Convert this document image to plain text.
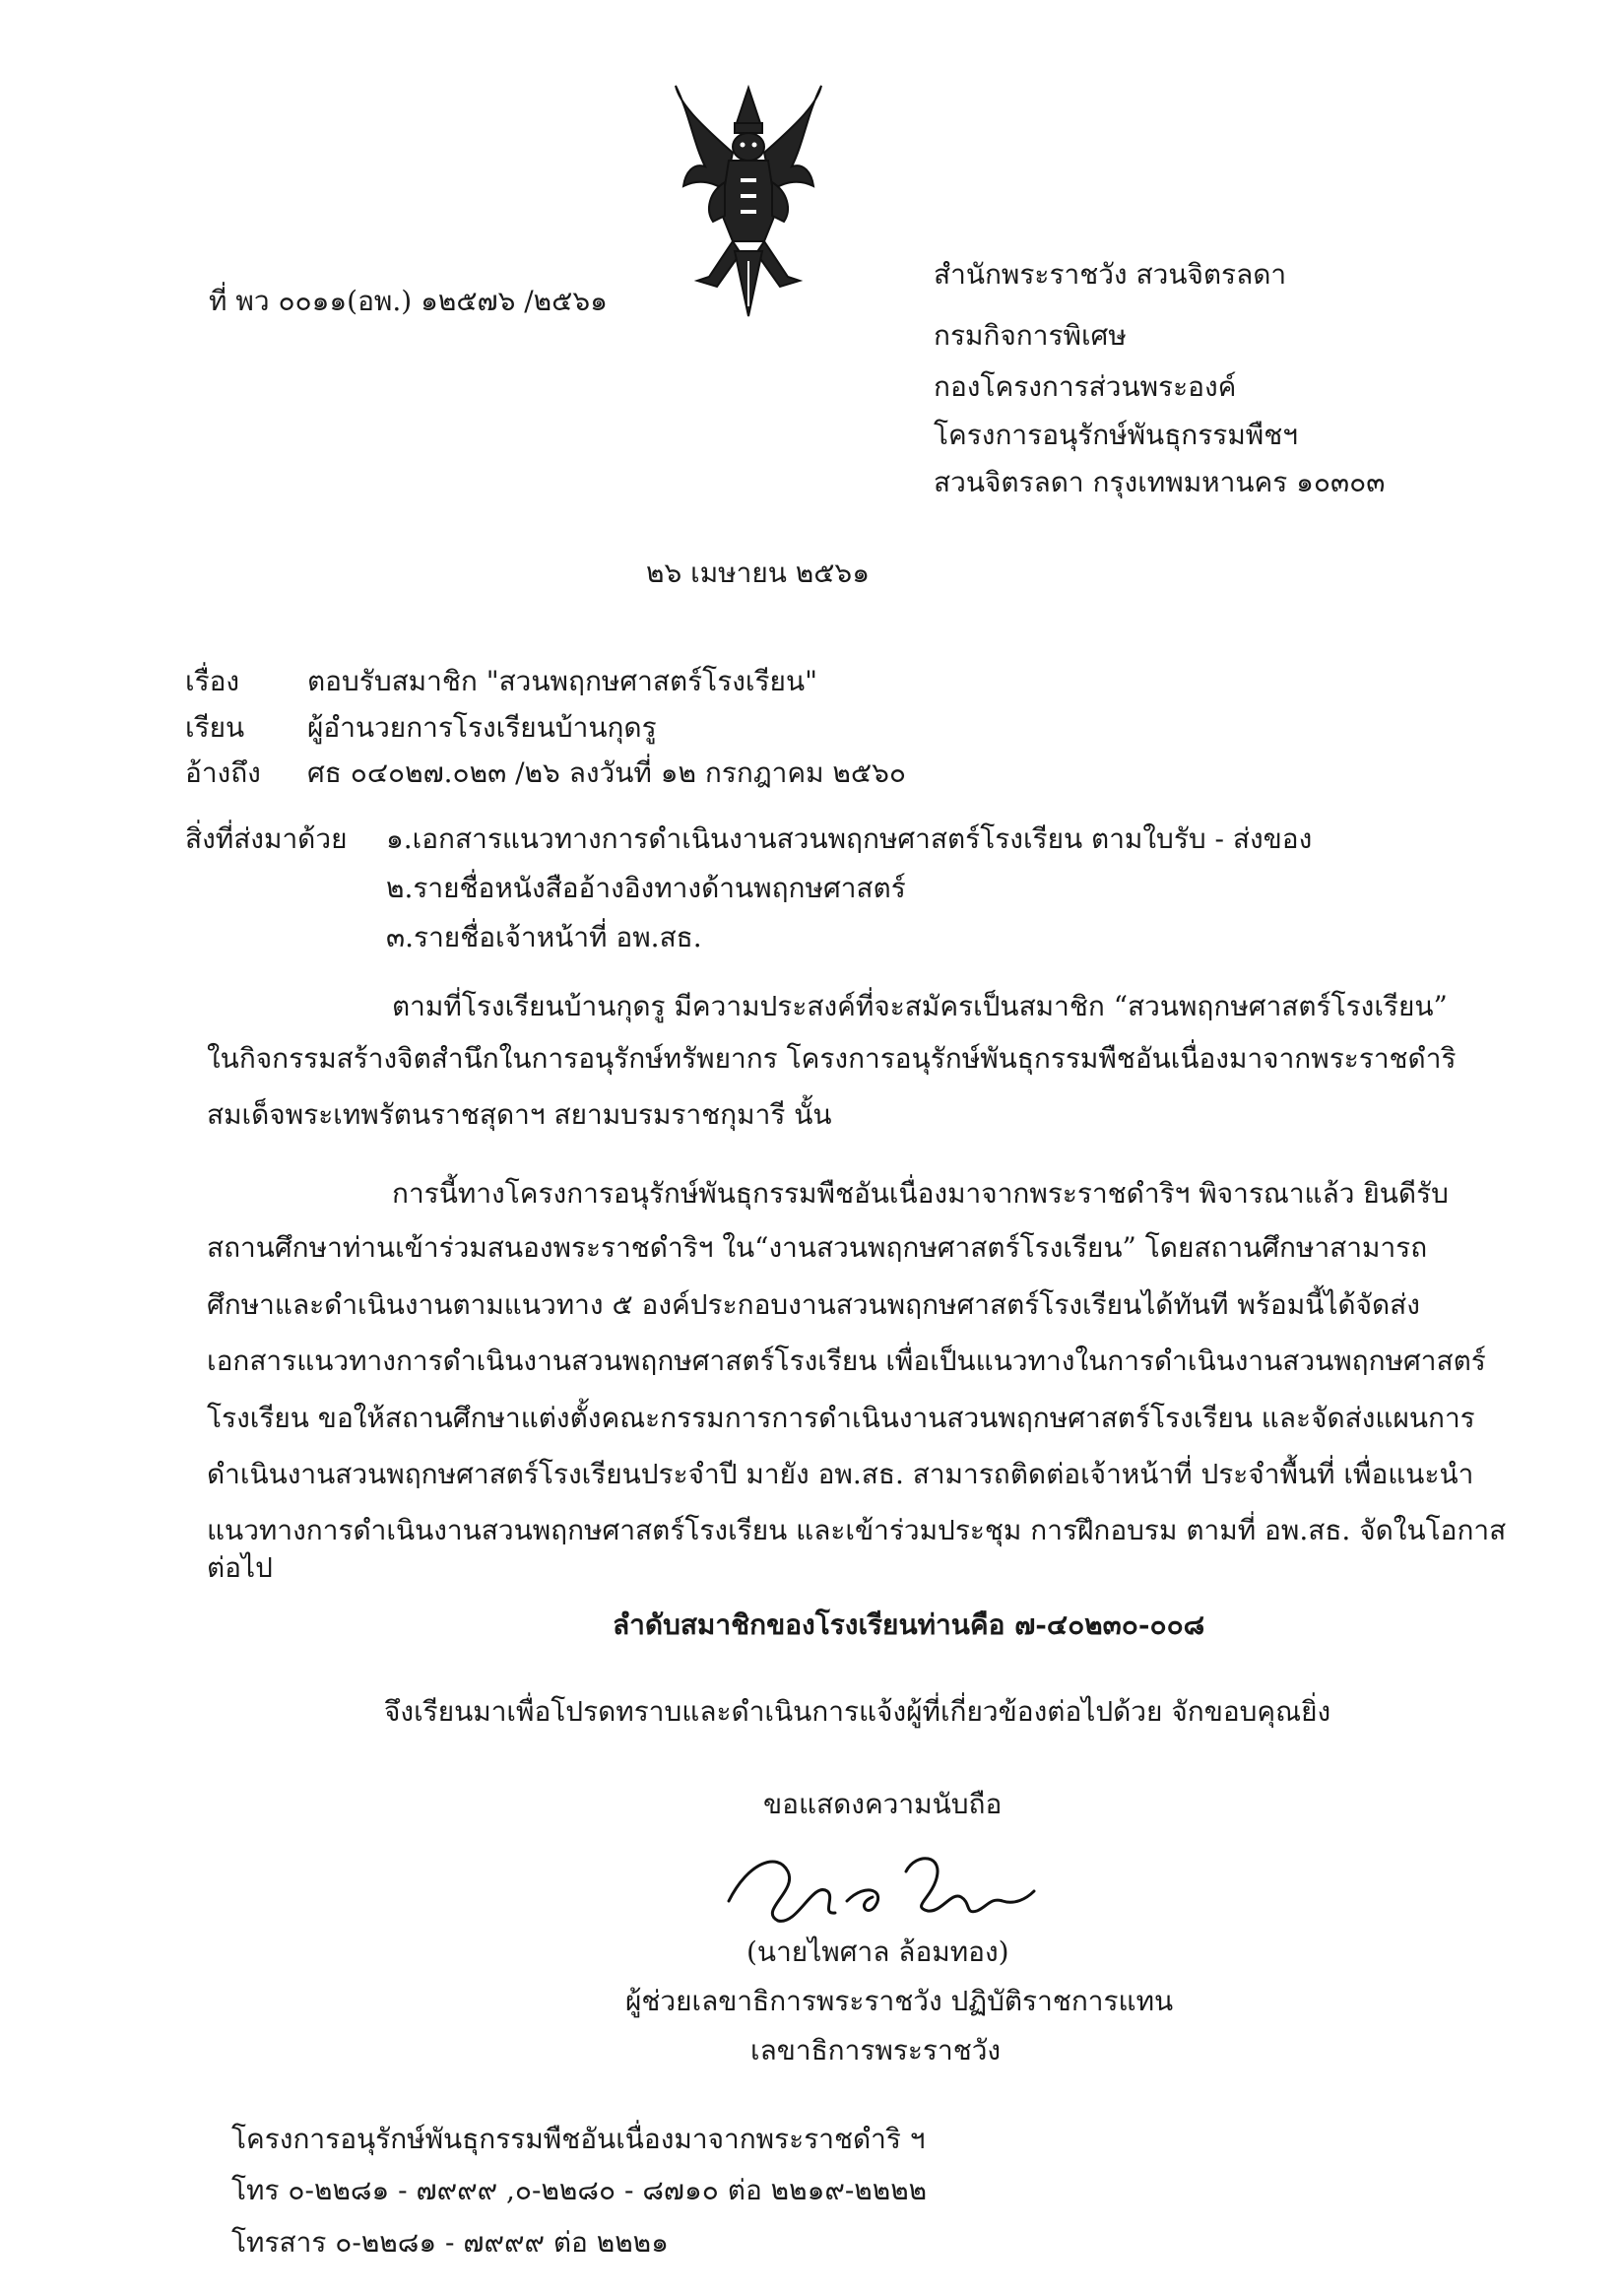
ที่ พว ๐๐๑๑(อพ.) ๑๒๕๗๖ /๒๕๖๑
สำนักพระราชวัง สวนจิตรลดา
กรมกิจการพิเศษ
กองโครงการส่วนพระองค์
โครงการอนุรักษ์พันธุกรรมพืชฯ
สวนจิตรลดา กรุงเทพมหานคร ๑๐๓๐๓
๒๖ เมษายน ๒๕๖๑
เรื่อง ตอบรับสมาชิก "สวนพฤกษศาสตร์โรงเรียน"
เรียน ผู้อำนวยการโรงเรียนบ้านกุดรู
อ้างถึง ศธ ๐๔๐๒๗.๐๒๓ /๒๖ ลงวันที่ ๑๒ กรกฎาคม ๒๕๖๐
สิ่งที่ส่งมาด้วย ๑.เอกสารแนวทางการดำเนินงานสวนพฤกษศาสตร์โรงเรียน ตามใบรับ - ส่งของ
๒.รายชื่อหนังสืออ้างอิงทางด้านพฤกษศาสตร์
๓.รายชื่อเจ้าหน้าที่ อพ.สธ.
ตามที่โรงเรียนบ้านกุดรู มีความประสงค์ที่จะสมัครเป็นสมาชิก “สวนพฤกษศาสตร์โรงเรียน”
ในกิจกรรมสร้างจิตสำนึกในการอนุรักษ์ทรัพยากร โครงการอนุรักษ์พันธุกรรมพืชอันเนื่องมาจากพระราชดำริ
สมเด็จพระเทพรัตนราชสุดาฯ สยามบรมราชกุมารี นั้น
การนี้ทางโครงการอนุรักษ์พันธุกรรมพืชอันเนื่องมาจากพระราชดำริฯ พิจารณาแล้ว ยินดีรับ
สถานศึกษาท่านเข้าร่วมสนองพระราชดำริฯ ใน“งานสวนพฤกษศาสตร์โรงเรียน” โดยสถานศึกษาสามารถ
ศึกษาและดำเนินงานตามแนวทาง ๕ องค์ประกอบงานสวนพฤกษศาสตร์โรงเรียนได้ทันที พร้อมนี้ได้จัดส่ง
เอกสารแนวทางการดำเนินงานสวนพฤกษศาสตร์โรงเรียน เพื่อเป็นแนวทางในการดำเนินงานสวนพฤกษศาสตร์
โรงเรียน ขอให้สถานศึกษาแต่งตั้งคณะกรรมการการดำเนินงานสวนพฤกษศาสตร์โรงเรียน และจัดส่งแผนการ
ดำเนินงานสวนพฤกษศาสตร์โรงเรียนประจำปี มายัง อพ.สธ. สามารถติดต่อเจ้าหน้าที่ ประจำพื้นที่ เพื่อแนะนำ
แนวทางการดำเนินงานสวนพฤกษศาสตร์โรงเรียน และเข้าร่วมประชุม การฝึกอบรม ตามที่ อพ.สธ. จัดในโอกาส
ต่อไป
ลำดับสมาชิกของโรงเรียนท่านคือ ๗-๔๐๒๓๐-๐๐๘
จึงเรียนมาเพื่อโปรดทราบและดำเนินการแจ้งผู้ที่เกี่ยวข้องต่อไปด้วย จักขอบคุณยิ่ง
ขอแสดงความนับถือ
(นายไพศาล ล้อมทอง)
ผู้ช่วยเลขาธิการพระราชวัง ปฏิบัติราชการแทน
เลขาธิการพระราชวัง
โครงการอนุรักษ์พันธุกรรมพืชอันเนื่องมาจากพระราชดำริ ฯ
โทร ๐-๒๒๘๑ - ๗๙๙๙ ,๐-๒๒๘๐ - ๘๗๑๐ ต่อ ๒๒๑๙-๒๒๒๒
โทรสาร ๐-๒๒๘๑ - ๗๙๙๙ ต่อ ๒๒๒๑
